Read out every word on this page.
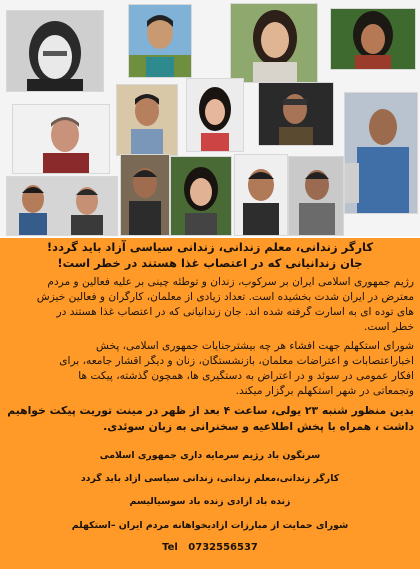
کارگر زندانی، معلم زندانی، زندانی سیاسی آزاد باید گردد!
جان زندانیانی که در اعتصاب غذا هستند در خطر است!
رژیم جمهوری اسلامی ایران بر سرکوب، زندان و توطئه چینی بر علیه فعالین و مردم
معترض در ایران شدت بخشیده است. تعداد زیادی از معلمان، کارگران و فعالین خیزش
های توده ای به اسارت گرفته شده اند. جان زندانیانی که در اعتصاب غذا هستند در
خطر است.
شورای استکهلم جهت افشاء هر چه بیشترجنایات جمهوری اسلامی، پخش
اخباراعتصابات و اعتراضات معلمان، بازنشستگان، زنان و دیگر اقشار جامعه، برای
افکار عمومی در سوئد و در اعتراض به دستگیری ها، همچون گذشته، پیکت ها
وتجمعاتی در شهر استکهلم برگزار میکند.
بدین منظور شنبه ۲۳ یولی، ساعت ۴ بعد از ظهر در مینت توریت پیکت خواهیم
داشت ، همراه با پخش اطلاعیه و سخنرانی به زبان سوئدی.
سرنگون باد رژیم سرمایه داری جمهوری اسلامی
کارگر زندانی،معلم زندانی، زندانی سیاسی آزاد باید گردد
زنده باد آزادی زنده باد سوسیالیسم
شورای حمایت از مبارزات آزادیخواهانه مردم ایران –استکهلم
Tel 0732556537
